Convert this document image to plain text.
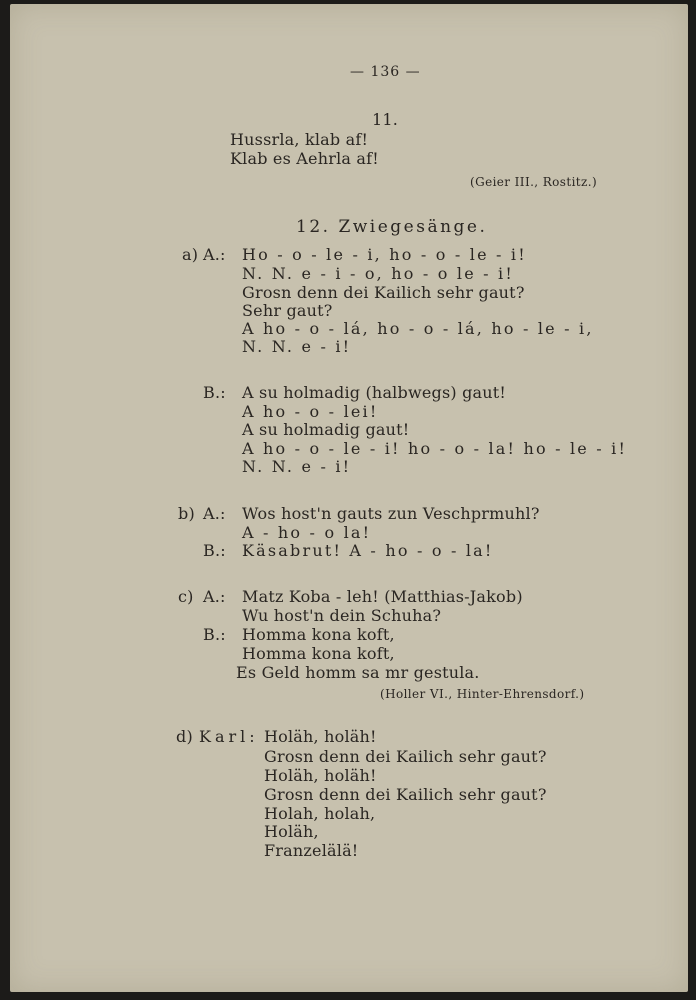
— 136 —
11.
Hussrla, klab af!
Klab es Aehrla af!
(Geier III., Rostitz.)
12. Zwiegesänge.
a) A.: Ho - o - le - i, ho - o - le - i!
N. N. e - i - o, ho - o le - i!
Grosn denn dei Kailich sehr gaut?
Sehr gaut?
A ho - o - lá, ho - o - lá, ho - le - i,
N. N. e - i!
B.: A su holmadig (halbwegs) gaut!
A ho - o - lei!
A su holmadig gaut!
A ho - o - le - i! ho - o - la! ho - le - i!
N. N. e - i!
b) A.: Wos host'n gauts zun Veschprmuhl?
A - ho - o la!
B.: Käsabrut! A - ho - o - la!
c) A.: Matz Koba - leh! (Matthias-Jakob)
Wu host'n dein Schuha?
B.: Homma kona koft,
Homma kona koft,
Es Geld homm sa mr gestula.
(Holler VI., Hinter-Ehrensdorf.)
d) Karl: Holäh, holäh!
Grosn denn dei Kailich sehr gaut?
Holäh, holäh!
Grosn denn dei Kailich sehr gaut?
Holah, holah,
Holäh,
Franzelälä!
